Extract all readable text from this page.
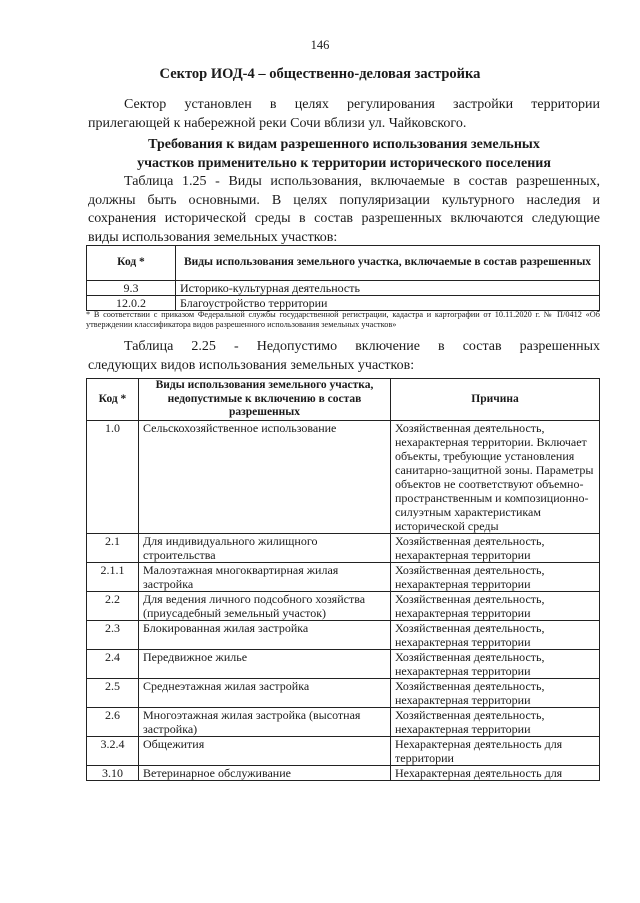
146
Сектор ИОД-4 – общественно-деловая застройка
Сектор установлен в целях регулирования застройки территории
прилегающей к набережной реки Сочи вблизи ул. Чайковского.
Требования к видам разрешенного использования земельных
участков применительно к территории исторического поселения
Таблица 1.25 - Виды использования, включаемые в состав разрешенных,
должны быть основными. В целях популяризации культурного наследия и
сохранения исторической среды в состав разрешенных включаются следующие
виды использования земельных участков:
Код *	Виды использования земельного участка, включаемые в состав разрешенных
9.3	Историко-культурная деятельность
12.0.2	Благоустройство территории
* В соответствии с приказом Федеральной службы государственной регистрации, кадастра и картографии от 10.11.2020 г. № П/0412 «Об утверждении классификатора видов разрешенного использования земельных участков»
Таблица 2.25 - Недопустимо включение в состав разрешенных
следующих видов использования земельных участков:
Код *	Виды использования земельного участка, недопустимые к включению в состав разрешенных	Причина
1.0	Сельскохозяйственное использование	Хозяйственная деятельность, нехарактерная территории. Включает объекты, требующие установления санитарно-защитной зоны. Параметры объектов не соответствуют объемно-пространственным и композиционно-силуэтным характеристикам исторической среды
2.1	Для индивидуального жилищного строительства	Хозяйственная деятельность, нехарактерная территории
2.1.1	Малоэтажная многоквартирная жилая застройка	Хозяйственная деятельность, нехарактерная территории
2.2	Для ведения личного подсобного хозяйства (приусадебный земельный участок)	Хозяйственная деятельность, нехарактерная территории
2.3	Блокированная жилая застройка	Хозяйственная деятельность, нехарактерная территории
2.4	Передвижное жилье	Хозяйственная деятельность, нехарактерная территории
2.5	Среднеэтажная жилая застройка	Хозяйственная деятельность, нехарактерная территории
2.6	Многоэтажная жилая застройка (высотная застройка)	Хозяйственная деятельность, нехарактерная территории
3.2.4	Общежития	Нехарактерная деятельность для территории
3.10	Ветеринарное обслуживание	Нехарактерная деятельность для
